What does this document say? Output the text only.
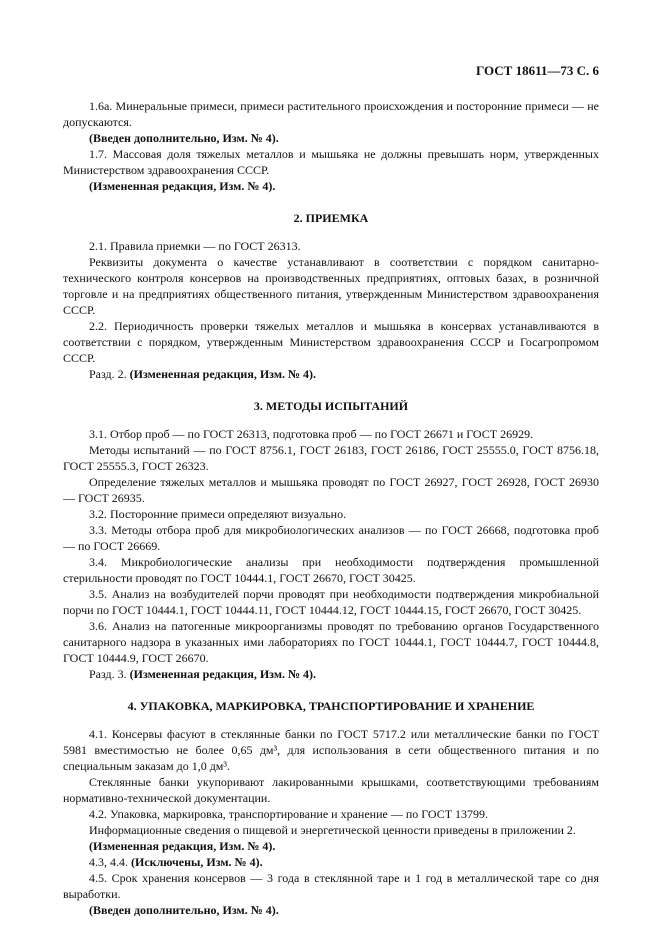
ГОСТ 18611—73 С. 6

1.6а. Минеральные примеси, примеси растительного происхождения и посторонние примеси — не допускаются.

(Введен дополнительно, Изм. № 4).

1.7. Массовая доля тяжелых металлов и мышьяка не должны превышать норм, утвержденных Министерством здравоохранения СССР.

(Измененная редакция, Изм. № 4).

2. ПРИЕМКА

2.1. Правила приемки — по ГОСТ 26313.

Реквизиты документа о качестве устанавливают в соответствии с порядком санитарно-технического контроля консервов на производственных предприятиях, оптовых базах, в розничной торговле и на предприятиях общественного питания, утвержденным Министерством здравоохранения СССР.

2.2. Периодичность проверки тяжелых металлов и мышьяка в консервах устанавливаются в соответствии с порядком, утвержденным Министерством здравоохранения СССР и Госагропромом СССР.

Разд. 2. (Измененная редакция, Изм. № 4).

3. МЕТОДЫ ИСПЫТАНИЙ

3.1. Отбор проб — по ГОСТ 26313, подготовка проб — по ГОСТ 26671 и ГОСТ 26929.

Методы испытаний — по ГОСТ 8756.1, ГОСТ 26183, ГОСТ 26186, ГОСТ 25555.0, ГОСТ 8756.18, ГОСТ 25555.3, ГОСТ 26323.

Определение тяжелых металлов и мышьяка проводят по ГОСТ 26927, ГОСТ 26928, ГОСТ 26930 — ГОСТ 26935.

3.2. Посторонние примеси определяют визуально.

3.3. Методы отбора проб для микробиологических анализов — по ГОСТ 26668, подготовка проб — по ГОСТ 26669.

3.4. Микробиологические анализы при необходимости подтверждения промышленной стерильности проводят по ГОСТ 10444.1, ГОСТ 26670, ГОСТ 30425.

3.5. Анализ на возбудителей порчи проводят при необходимости подтверждения микробиальной порчи по ГОСТ 10444.1, ГОСТ 10444.11, ГОСТ 10444.12, ГОСТ 10444.15, ГОСТ 26670, ГОСТ 30425.

3.6. Анализ на патогенные микроорганизмы проводят по требованию органов Государственного санитарного надзора в указанных ими лабораториях по ГОСТ 10444.1, ГОСТ 10444.7, ГОСТ 10444.8, ГОСТ 10444.9, ГОСТ 26670.

Разд. 3. (Измененная редакция, Изм. № 4).

4. УПАКОВКА, МАРКИРОВКА, ТРАНСПОРТИРОВАНИЕ И ХРАНЕНИЕ

4.1. Консервы фасуют в стеклянные банки по ГОСТ 5717.2 или металлические банки по ГОСТ 5981 вместимостью не более 0,65 дм³, для использования в сети общественного питания и по специальным заказам до 1,0 дм³.

Стеклянные банки укупоривают лакированными крышками, соответствующими требованиям нормативно-технической документации.

4.2. Упаковка, маркировка, транспортирование и хранение — по ГОСТ 13799.

Информационные сведения о пищевой и энергетической ценности приведены в приложении 2.

(Измененная редакция, Изм. № 4).

4.3, 4.4. (Исключены, Изм. № 4).

4.5. Срок хранения консервов — 3 года в стеклянной таре и 1 год в металлической таре со дня выработки.

(Введен дополнительно, Изм. № 4).
